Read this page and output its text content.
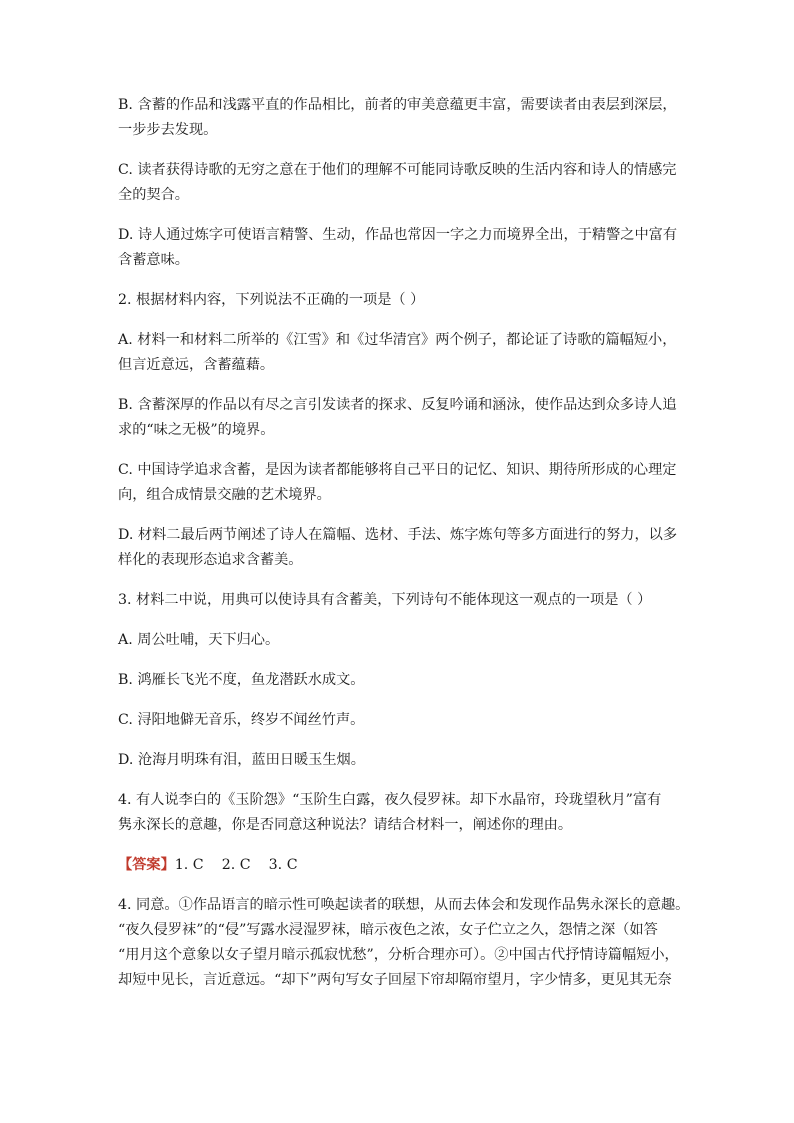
B. 含蓄的作品和浅露平直的作品相比，前者的审美意蕴更丰富，需要读者由表层到深层，
一步步去发现。

C. 读者获得诗歌的无穷之意在于他们的理解不可能同诗歌反映的生活内容和诗人的情感完
全的契合。

D. 诗人通过炼字可使语言精警、生动，作品也常因一字之力而境界全出，于精警之中富有
含蓄意味。

2. 根据材料内容，下列说法不正确的一项是（ ）

A. 材料一和材料二所举的《江雪》和《过华清宫》两个例子，都论证了诗歌的篇幅短小，
但言近意远，含蓄蕴藉。

B. 含蓄深厚的作品以有尽之言引发读者的探求、反复吟诵和涵泳，使作品达到众多诗人追
求的“味之无极”的境界。

C. 中国诗学追求含蓄，是因为读者都能够将自己平日的记忆、知识、期待所形成的心理定
向，组合成情景交融的艺术境界。

D. 材料二最后两节阐述了诗人在篇幅、选材、手法、炼字炼句等多方面进行的努力，以多
样化的表现形态追求含蓄美。

3. 材料二中说，用典可以使诗具有含蓄美，下列诗句不能体现这一观点的一项是（ ）

A. 周公吐哺，天下归心。

B. 鸿雁长飞光不度，鱼龙潜跃水成文。

C. 浔阳地僻无音乐，终岁不闻丝竹声。

D. 沧海月明珠有泪，蓝田日暖玉生烟。

4. 有人说李白的《玉阶怨》“玉阶生白露，夜久侵罗袜。却下水晶帘，玲珑望秋月”富有
隽永深长的意趣，你是否同意这种说法？请结合材料一，阐述你的理由。

【答案】1. C    2. C    3. C

4. 同意。①作品语言的暗示性可唤起读者的联想，从而去体会和发现作品隽永深长的意趣。
“夜久侵罗袜”的“侵”写露水浸湿罗袜，暗示夜色之浓，女子伫立之久，怨情之深（如答
“用月这个意象以女子望月暗示孤寂忧愁”，分析合理亦可）。②中国古代抒情诗篇幅短小，
却短中见长，言近意远。“却下”两句写女子回屋下帘却隔帘望月，字少情多，更见其无奈
